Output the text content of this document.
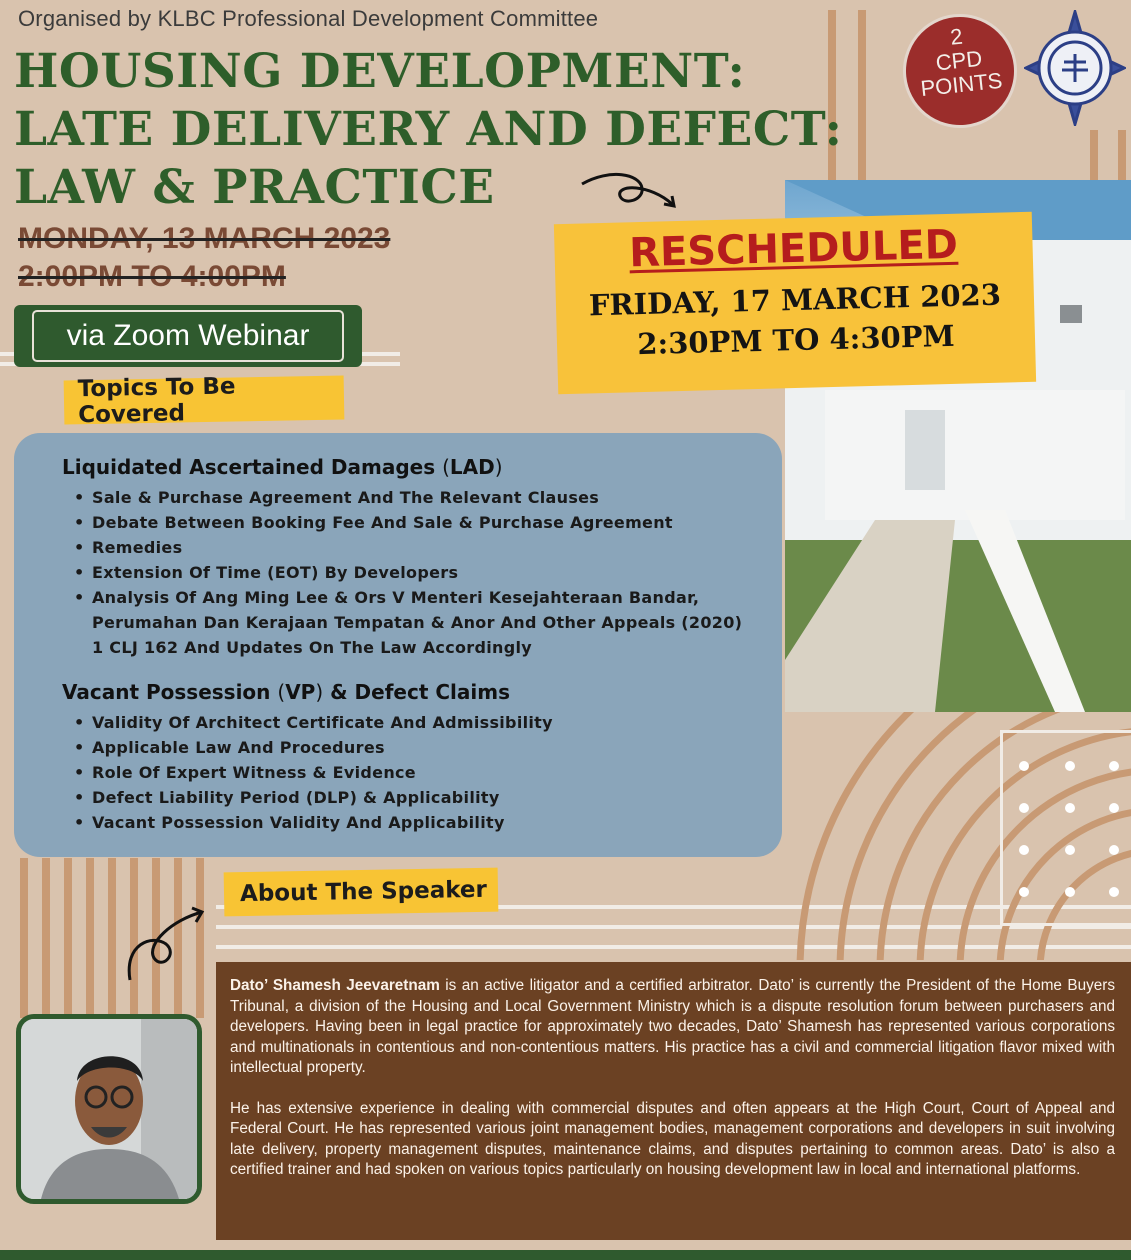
Organised by KLBC Professional Development Committee
HOUSING DEVELOPMENT:
LATE DELIVERY AND DEFECT:
LAW & PRACTICE
MONDAY, 13 MARCH 2023
2:00PM TO 4:00PM
via Zoom Webinar
RESCHEDULED
FRIDAY, 17 MARCH 2023
2:30PM TO 4:30PM
2
CPD
POINTS
Topics To Be Covered
Liquidated Ascertained Damages (LAD)
• Sale & Purchase Agreement And The Relevant Clauses
• Debate Between Booking Fee And Sale & Purchase Agreement
• Remedies
• Extension Of Time (EOT) By Developers
• Analysis Of Ang Ming Lee & Ors V Menteri Kesejahteraan Bandar, Perumahan Dan Kerajaan Tempatan & Anor And Other Appeals (2020) 1 CLJ 162 And Updates On The Law Accordingly
Vacant Possession (VP) & Defect Claims
• Validity Of Architect Certificate And Admissibility
• Applicable Law And Procedures
• Role Of Expert Witness & Evidence
• Defect Liability Period (DLP) & Applicability
• Vacant Possession Validity And Applicability
About The Speaker

Dato’ Shamesh Jeevaretnam is an active litigator and a certified arbitrator. Dato’ is currently the President of the Home Buyers Tribunal, a division of the Housing and Local Government Ministry which is a dispute resolution forum between purchasers and developers. Having been in legal practice for approximately two decades, Dato’ Shamesh has represented various corporations and multinationals in contentious and non-contentious matters. His practice has a civil and commercial litigation flavor mixed with intellectual property.

He has extensive experience in dealing with commercial disputes and often appears at the High Court, Court of Appeal and Federal Court. He has represented various joint management bodies, management corporations and developers in suit involving late delivery, property management disputes, maintenance claims, and disputes pertaining to common areas. Dato’ is also a certified trainer and had spoken on various topics particularly on housing development law in local and international platforms.
